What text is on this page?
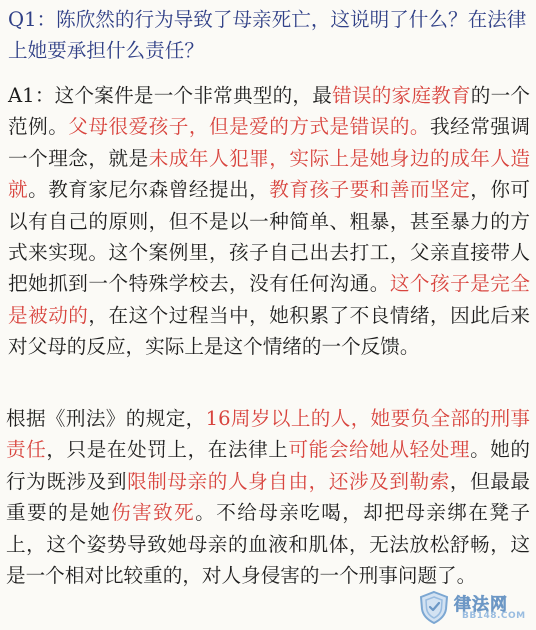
Q1：陈欣然的行为导致了母亲死亡，这说明了什么？在法律上她要承担什么责任？

A1：这个案件是一个非常典型的，最错误的家庭教育的一个范例。父母很爱孩子，但是爱的方式是错误的。我经常强调一个理念，就是未成年人犯罪，实际上是她身边的成年人造就。教育家尼尔森曾经提出，教育孩子要和善而坚定，你可以有自己的原则，但不是以一种简单、粗暴，甚至暴力的方式来实现。这个案例里，孩子自己出去打工，父亲直接带人把她抓到一个特殊学校去，没有任何沟通。这个孩子是完全是被动的，在这个过程当中，她积累了不良情绪，因此后来对父母的反应，实际上是这个情绪的一个反馈。

根据《刑法》的规定，16周岁以上的人，她要负全部的刑事责任，只是在处罚上，在法律上可能会给她从轻处理。她的行为既涉及到限制母亲的人身自由，还涉及到勒索，但最最重要的是她伤害致死。不给母亲吃喝，却把母亲绑在凳子上，这个姿势导致她母亲的血液和肌体，无法放松舒畅，这是一个相对比较重的，对人身侵害的一个刑事问题了。

律法网
BB148.COM
